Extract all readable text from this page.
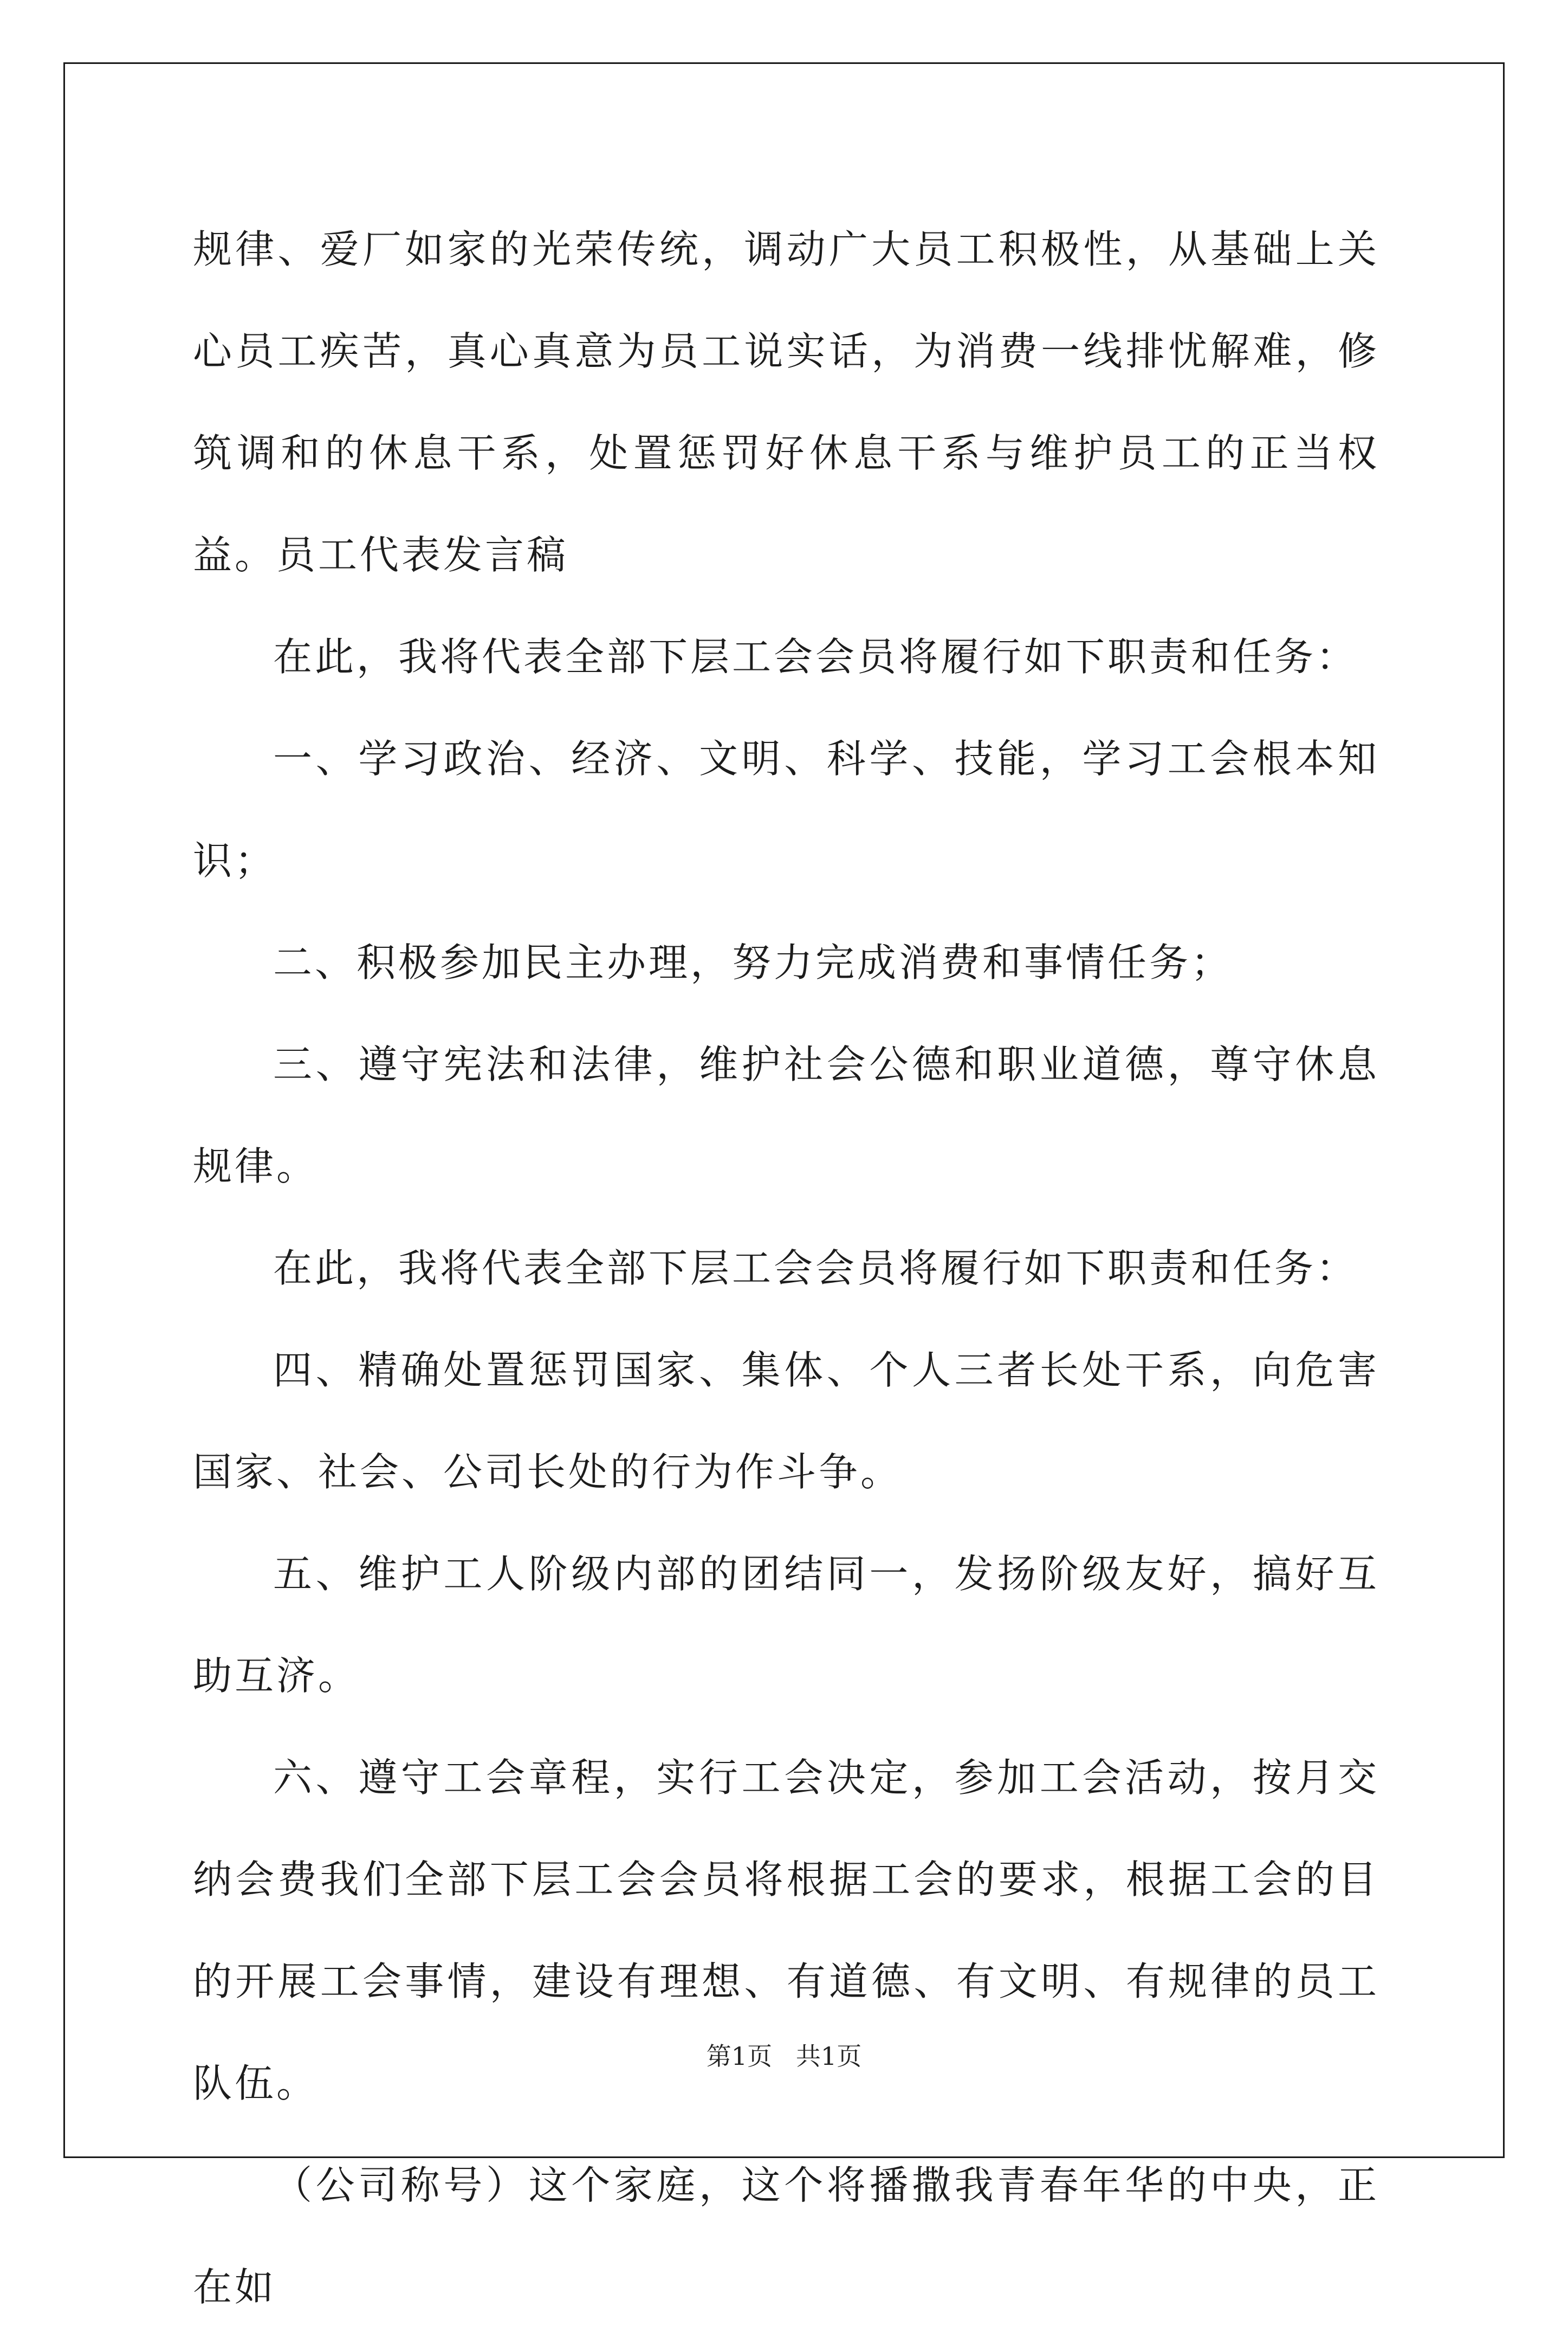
规律、爱厂如家的光荣传统，调动广大员工积极性，从基础上关心员工疾苦，真心真意为员工说实话，为消费一线排忧解难，修筑调和的休息干系，处置惩罚好休息干系与维护员工的正当权益。员工代表发言稿

在此，我将代表全部下层工会会员将履行如下职责和任务：

一、学习政治、经济、文明、科学、技能，学习工会根本知识；

二、积极参加民主办理，努力完成消费和事情任务；

三、遵守宪法和法律，维护社会公德和职业道德，尊守休息规律。

在此，我将代表全部下层工会会员将履行如下职责和任务：

四、精确处置惩罚国家、集体、个人三者长处干系，向危害国家、社会、公司长处的行为作斗争。

五、维护工人阶级内部的团结同一，发扬阶级友好，搞好互助互济。

六、遵守工会章程，实行工会决定，参加工会活动，按月交纳会费我们全部下层工会会员将根据工会的要求，根据工会的目的开展工会事情，建设有理想、有道德、有文明、有规律的员工队伍。

（公司称号）这个家庭，这个将播撒我青春年华的中央，正在如

第1页   共1页
